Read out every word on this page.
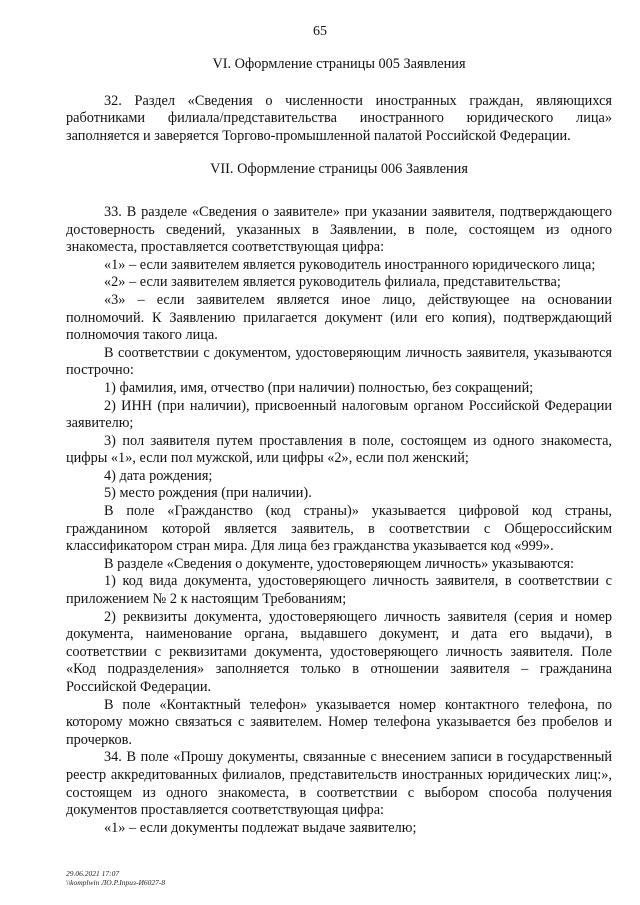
65

VI. Оформление страницы 005 Заявления

32. Раздел «Сведения о численности иностранных граждан, являющихся работниками филиала/представительства иностранного юридического лица» заполняется и заверяется Торгово-промышленной палатой Российской Федерации.

VII. Оформление страницы 006 Заявления

33. В разделе «Сведения о заявителе» при указании заявителя, подтверждающего достоверность сведений, указанных в Заявлении, в поле, состоящем из одного знакоместа, проставляется соответствующая цифра:

«1» – если заявителем является руководитель иностранного юридического лица;

«2» – если заявителем является руководитель филиала, представительства;

«3» – если заявителем является иное лицо, действующее на основании полномочий. К Заявлению прилагается документ (или его копия), подтверждающий полномочия такого лица.

В соответствии с документом, удостоверяющим личность заявителя, указываются построчно:

1) фамилия, имя, отчество (при наличии) полностью, без сокращений;

2) ИНН (при наличии), присвоенный налоговым органом Российской Федерации заявителю;

3) пол заявителя путем проставления в поле, состоящем из одного знакоместа, цифры «1», если пол мужской, или цифры «2», если пол женский;

4) дата рождения;

5) место рождения (при наличии).

В поле «Гражданство (код страны)» указывается цифровой код страны, гражданином которой является заявитель, в соответствии с Общероссийским классификатором стран мира. Для лица без гражданства указывается код «999».

В разделе «Сведения о документе, удостоверяющем личность» указываются:

1) код вида документа, удостоверяющего личность заявителя, в соответствии с приложением № 2 к настоящим Требованиям;

2) реквизиты документа, удостоверяющего личность заявителя (серия и номер документа, наименование органа, выдавшего документ, и дата его выдачи), в соответствии с реквизитами документа, удостоверяющего личность заявителя. Поле «Код подразделения» заполняется только в отношении заявителя – гражданина Российской Федерации.

В поле «Контактный телефон» указывается номер контактного телефона, по которому можно связаться с заявителем. Номер телефона указывается без пробелов и прочерков.

34. В поле «Прошу документы, связанные с внесением записи в государственный реестр аккредитованных филиалов, представительств иностранных юридических лиц:», состоящем из одного знакоместа, в соответствии с выбором способа получения документов проставляется соответствующая цифра:

«1» – если документы подлежат выдаче заявителю;

29.06.2021 17:07
\\komplwin ЛО.Р.Iприз-И6027-8
